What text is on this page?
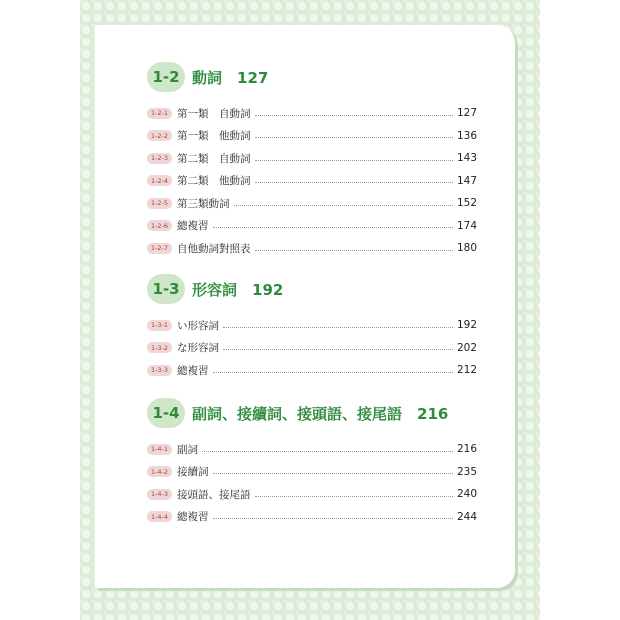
1-2 動詞　 127
1-2-1 第一類　自動詞	127
1-2-2 第一類　他動詞	136
1-2-3 第二類　自動詞	143
1-2-4 第二類　他動詞	147
1-2-5 第三類動詞	152
1-2-6 總複習	174
1-2-7 自他動詞對照表	180
1-3 形容詞　 192
1-3-1 い形容詞	192
1-3-2 な形容詞	202
1-3-3 總複習	212
1-4 副詞、接續詞、接頭語、接尾語　 216
1-4-1 副詞	216
1-4-2 接續詞	235
1-4-3 接頭語、接尾語	240
1-4-4 總複習	244
